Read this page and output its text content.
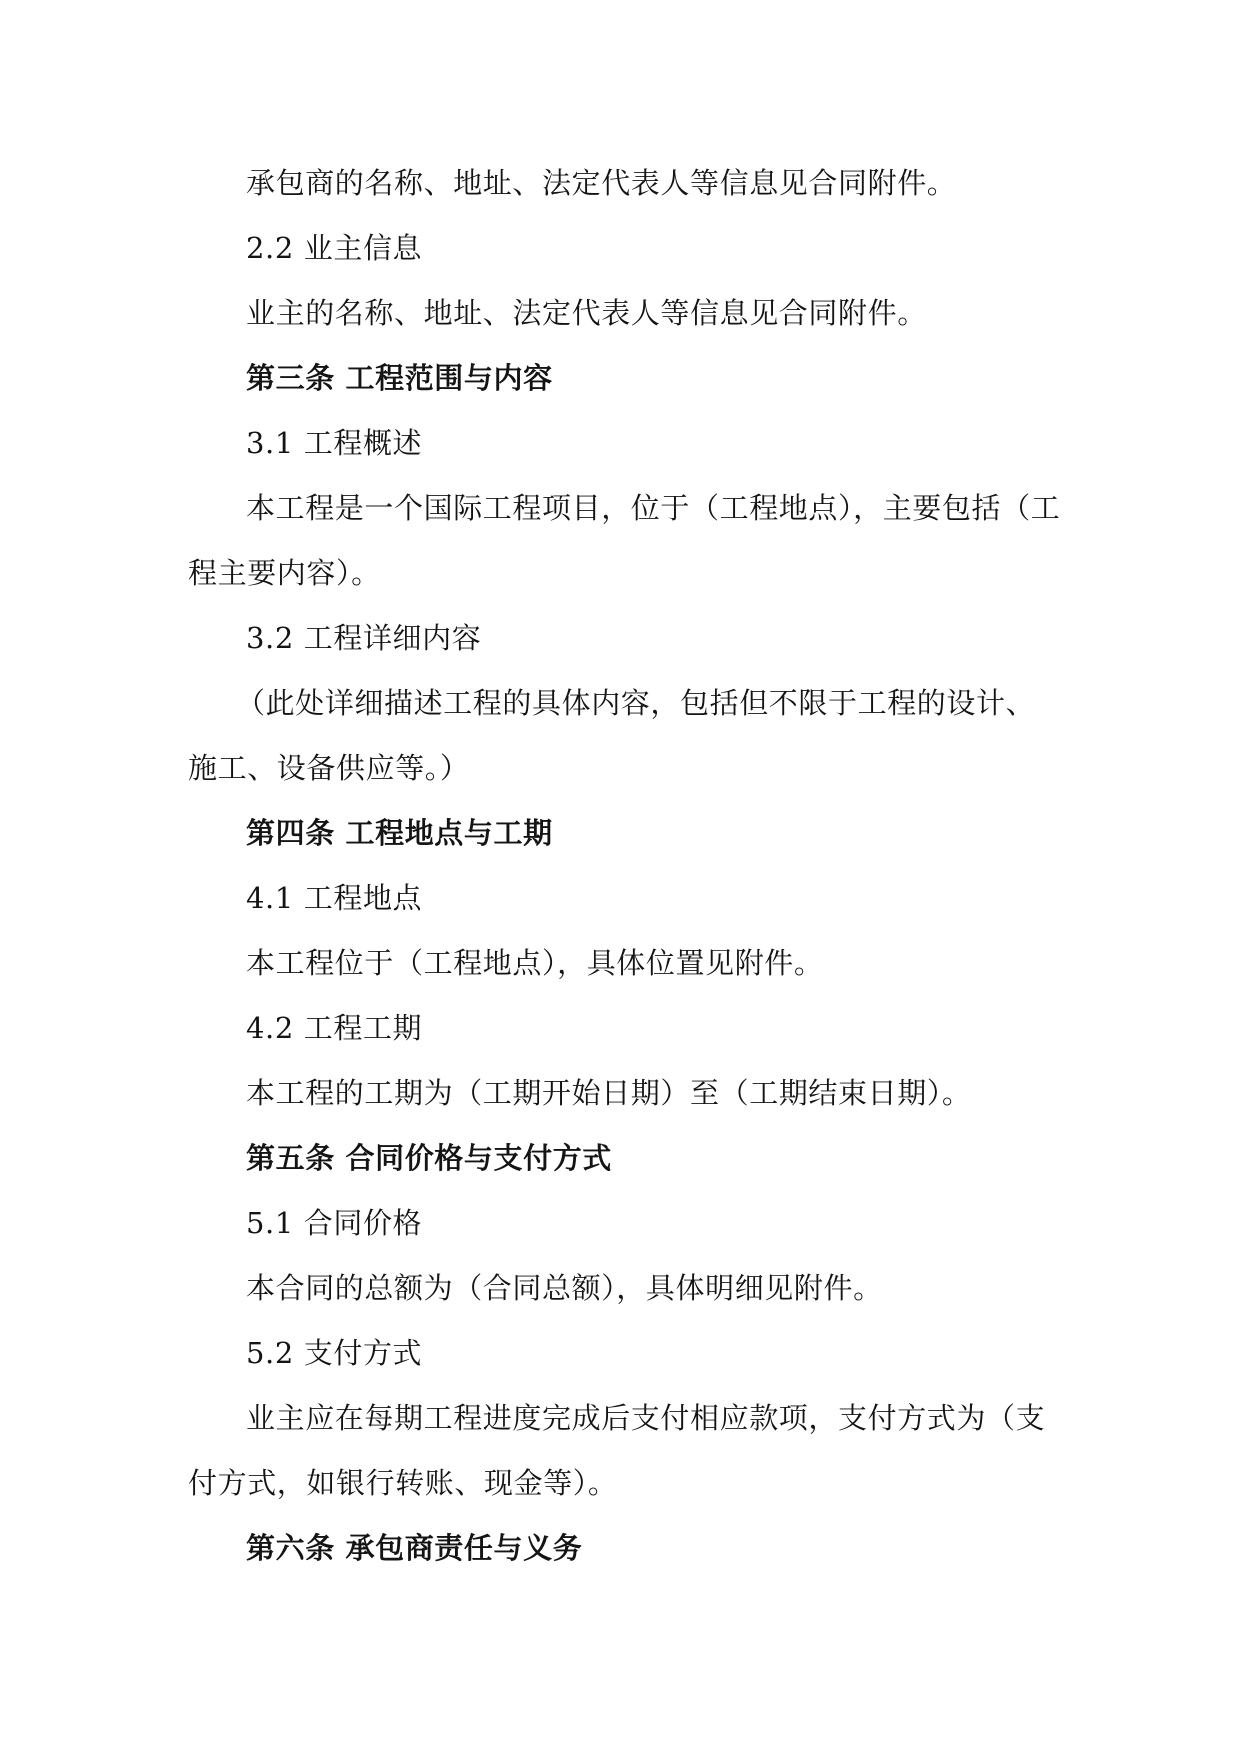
承包商的名称、地址、法定代表人等信息见合同附件。
2.2 业主信息
业主的名称、地址、法定代表人等信息见合同附件。
第三条 工程范围与内容
3.1 工程概述
本工程是一个国际工程项目，位于（工程地点），主要包括（工
程主要内容）。
3.2 工程详细内容
（此处详细描述工程的具体内容，包括但不限于工程的设计、
施工、设备供应等。）
第四条 工程地点与工期
4.1 工程地点
本工程位于（工程地点），具体位置见附件。
4.2 工程工期
本工程的工期为（工期开始日期）至（工期结束日期）。
第五条 合同价格与支付方式
5.1 合同价格
本合同的总额为（合同总额），具体明细见附件。
5.2 支付方式
业主应在每期工程进度完成后支付相应款项，支付方式为（支
付方式，如银行转账、现金等）。
第六条 承包商责任与义务
